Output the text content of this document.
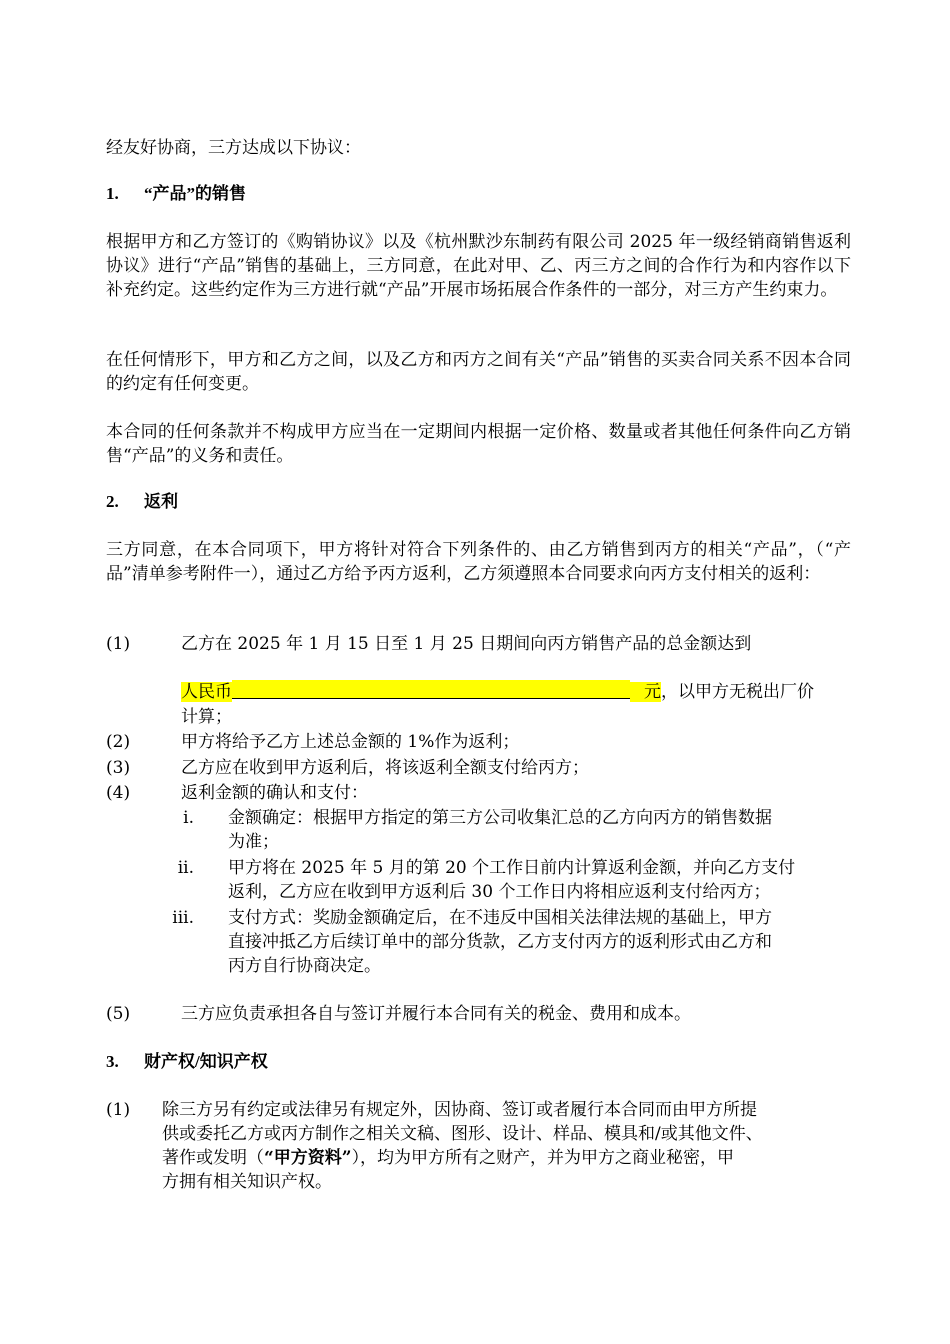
经友好协商，三方达成以下协议：
1. “产品”的销售
根据甲方和乙方签订的《购销协议》以及《杭州默沙东制药有限公司 2025 年一级经销商销售返利协议》进行“产品”销售的基础上，三方同意，在此对甲、乙、丙三方之间的合作行为和内容作以下补充约定。这些约定作为三方进行就“产品”开展市场拓展合作条件的一部分，对三方产生约束力。
在任何情形下，甲方和乙方之间，以及乙方和丙方之间有关“产品”销售的买卖合同关系不因本合同的约定有任何变更。
本合同的任何条款并不构成甲方应当在一定期间内根据一定价格、数量或者其他任何条件向乙方销售“产品”的义务和责任。
2. 返利
三方同意，在本合同项下，甲方将针对符合下列条件的、由乙方销售到丙方的相关“产品”，（“产品”清单参考附件一），通过乙方给予丙方返利，乙方须遵照本合同要求向丙方支付相关的返利：
(1)	乙方在 2025 年 1 月 15 日至 1 月 25 日期间向丙方销售产品的总金额达到
人民币	元，以甲方无税出厂价
计算；
(2)	甲方将给予乙方上述总金额的 1%作为返利；
(3)	乙方应在收到甲方返利后，将该返利全额支付给丙方；
(4)	返利金额的确认和支付：
i. 金额确定：根据甲方指定的第三方公司收集汇总的乙方向丙方的销售数据
为准；
ii. 甲方将在 2025 年 5 月的第 20 个工作日前内计算返利金额，并向乙方支付
返利，乙方应在收到甲方返利后 30 个工作日内将相应返利支付给丙方；
iii. 支付方式：奖励金额确定后，在不违反中国相关法律法规的基础上，甲方
直接冲抵乙方后续订单中的部分货款，乙方支付丙方的返利形式由乙方和
丙方自行协商决定。
(5)	三方应负责承担各自与签订并履行本合同有关的税金、费用和成本。
3. 财产权/知识产权
(1) 除三方另有约定或法律另有规定外，因协商、签订或者履行本合同而由甲方所提
供或委托乙方或丙方制作之相关文稿、图形、设计、样品、模具和/或其他文件、
著作或发明（“甲方资料”），均为甲方所有之财产，并为甲方之商业秘密，甲
方拥有相关知识产权。
